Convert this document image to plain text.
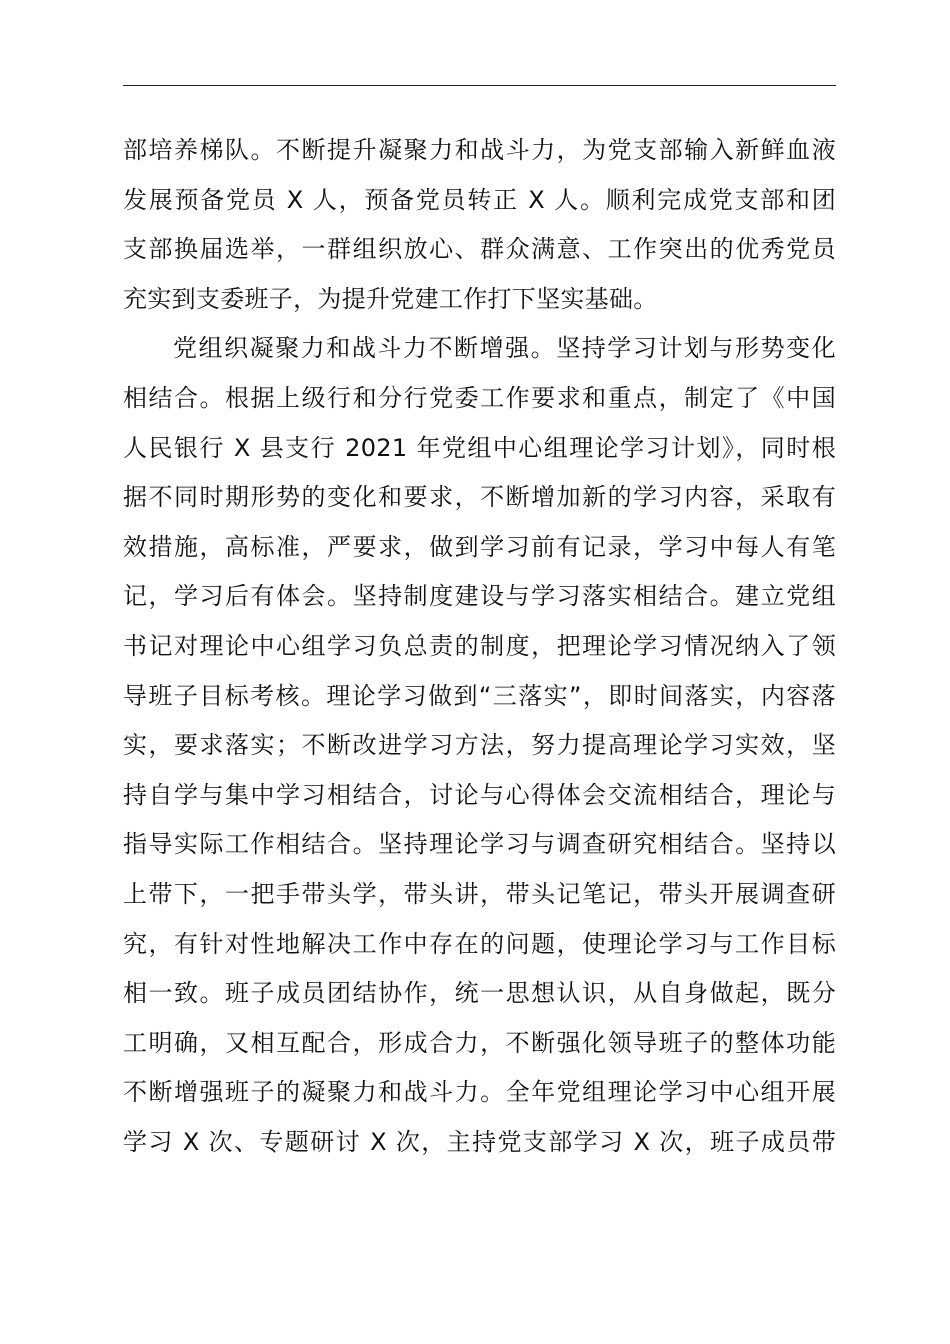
部培养梯队。不断提升凝聚力和战斗力，为党支部输入新鲜血液
发展预备党员 X 人，预备党员转正 X 人。顺利完成党支部和团
支部换届选举，一群组织放心、群众满意、工作突出的优秀党员
充实到支委班子，为提升党建工作打下坚实基础。
党组织凝聚力和战斗力不断增强。坚持学习计划与形势变化
相结合。根据上级行和分行党委工作要求和重点，制定了《中国
人民银行 X 县支行 2021 年党组中心组理论学习计划》，同时根
据不同时期形势的变化和要求，不断增加新的学习内容，采取有
效措施，高标准，严要求，做到学习前有记录，学习中每人有笔
记，学习后有体会。坚持制度建设与学习落实相结合。建立党组
书记对理论中心组学习负总责的制度，把理论学习情况纳入了领
导班子目标考核。理论学习做到“三落实”，即时间落实，内容落
实，要求落实；不断改进学习方法，努力提高理论学习实效，坚
持自学与集中学习相结合，讨论与心得体会交流相结合，理论与
指导实际工作相结合。坚持理论学习与调查研究相结合。坚持以
上带下，一把手带头学，带头讲，带头记笔记，带头开展调查研
究，有针对性地解决工作中存在的问题，使理论学习与工作目标
相一致。班子成员团结协作，统一思想认识，从自身做起，既分
工明确，又相互配合，形成合力，不断强化领导班子的整体功能
不断增强班子的凝聚力和战斗力。全年党组理论学习中心组开展
学习 X 次、专题研讨 X 次，主持党支部学习 X 次，班子成员带
